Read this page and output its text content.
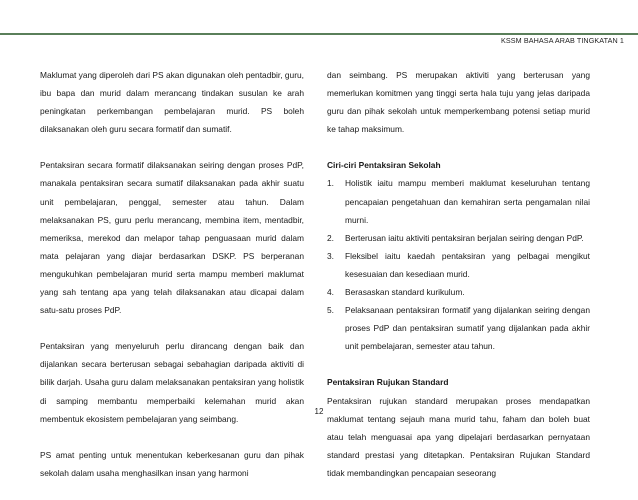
KSSM BAHASA ARAB TINGKATAN 1

Maklumat yang diperoleh dari PS akan digunakan oleh pentadbir, guru, ibu bapa dan murid dalam merancang tindakan susulan ke arah peningkatan perkembangan pembelajaran murid. PS boleh dilaksanakan oleh guru secara formatif dan sumatif.

Pentaksiran secara formatif dilaksanakan seiring dengan proses PdP, manakala pentaksiran secara sumatif dilaksanakan pada akhir suatu unit pembelajaran, penggal, semester atau tahun. Dalam melaksanakan PS, guru perlu merancang, membina item, mentadbir, memeriksa, merekod dan melapor tahap penguasaan murid dalam mata pelajaran yang diajar berdasarkan DSKP. PS berperanan mengukuhkan pembelajaran murid serta mampu memberi maklumat yang sah tentang apa yang telah dilaksanakan atau dicapai dalam satu-satu proses PdP.

Pentaksiran yang menyeluruh perlu dirancang dengan baik dan dijalankan secara berterusan sebagai sebahagian daripada aktiviti di bilik darjah. Usaha guru dalam melaksanakan pentaksiran yang holistik di samping membantu memperbaiki kelemahan murid akan membentuk ekosistem pembelajaran yang seimbang.

PS amat penting untuk menentukan keberkesanan guru dan pihak sekolah dalam usaha menghasilkan insan yang harmoni

dan seimbang. PS merupakan aktiviti yang berterusan yang memerlukan komitmen yang tinggi serta hala tuju yang jelas daripada guru dan pihak sekolah untuk memperkembang potensi setiap murid ke tahap maksimum.

Ciri-ciri Pentaksiran Sekolah

1. Holistik iaitu mampu memberi maklumat keseluruhan tentang pencapaian pengetahuan dan kemahiran serta pengamalan nilai murni.
2. Berterusan iaitu aktiviti pentaksiran berjalan seiring dengan PdP.
3. Fleksibel iaitu kaedah pentaksiran yang pelbagai mengikut kesesuaian dan kesediaan murid.
4. Berasaskan standard kurikulum.
5. Pelaksanaan pentaksiran formatif yang dijalankan seiring dengan proses PdP dan pentaksiran sumatif yang dijalankan pada akhir unit pembelajaran, semester atau tahun.

Pentaksiran Rujukan Standard

Pentaksiran rujukan standard merupakan proses mendapatkan maklumat tentang sejauh mana murid tahu, faham dan boleh buat atau telah menguasai apa yang dipelajari berdasarkan pernyataan standard prestasi yang ditetapkan. Pentaksiran Rujukan Standard tidak membandingkan pencapaian seseorang

12
